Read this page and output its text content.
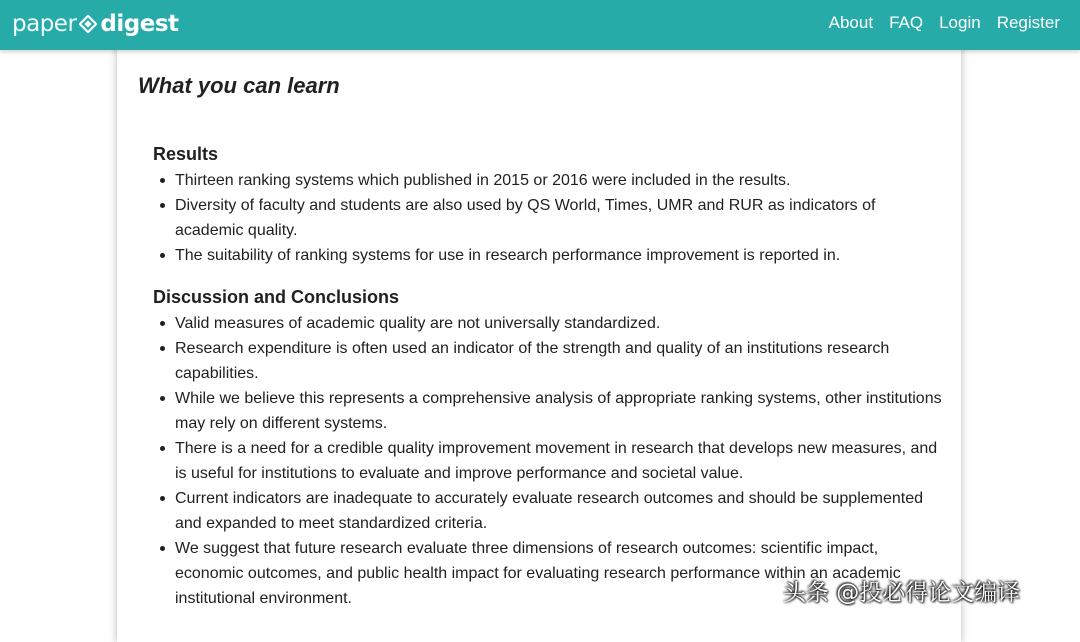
paper digest	About FAQ Login Register
What you can learn
Results
Thirteen ranking systems which published in 2015 or 2016 were included in the results.
Diversity of faculty and students are also used by QS World, Times, UMR and RUR as indicators of academic quality.
The suitability of ranking systems for use in research performance improvement is reported in.
Discussion and Conclusions
Valid measures of academic quality are not universally standardized.
Research expenditure is often used an indicator of the strength and quality of an institutions research capabilities.
While we believe this represents a comprehensive analysis of appropriate ranking systems, other institutions may rely on different systems.
There is a need for a credible quality improvement movement in research that develops new measures, and is useful for institutions to evaluate and improve performance and societal value.
Current indicators are inadequate to accurately evaluate research outcomes and should be supplemented and expanded to meet standardized criteria.
We suggest that future research evaluate three dimensions of research outcomes: scientific impact, economic outcomes, and public health impact for evaluating research performance within an academic institutional environment.	头条 @投必得论文编译
